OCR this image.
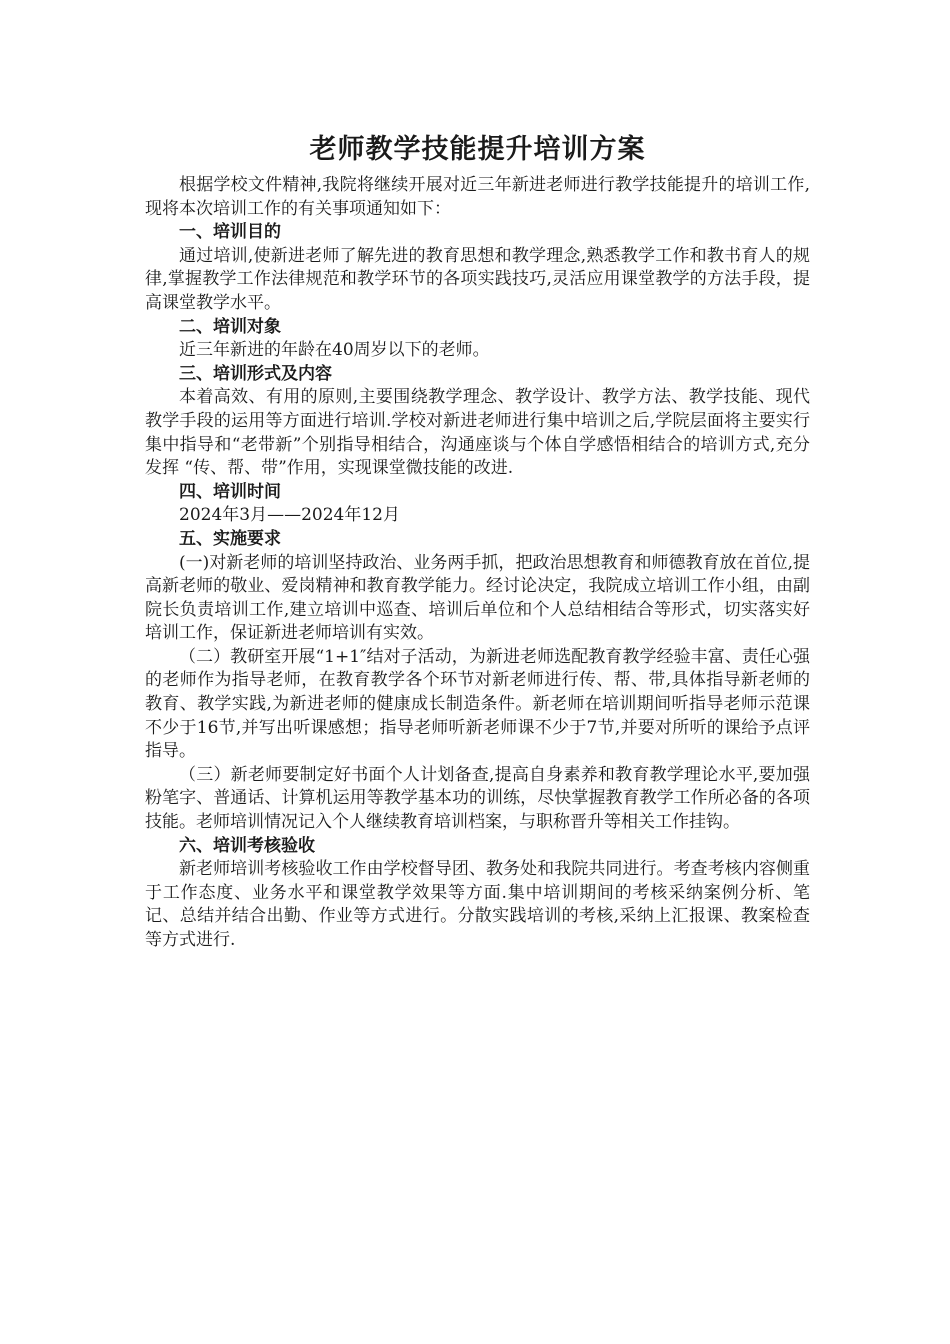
老师教学技能提升培训方案

根据学校文件精神,我院将继续开展对近三年新进老师进行教学技能提升的培训工作,现将本次培训工作的有关事项通知如下：

一、培训目的

通过培训,使新进老师了解先进的教育思想和教学理念,熟悉教学工作和教书育人的规律,掌握教学工作法律规范和教学环节的各项实践技巧,灵活应用课堂教学的方法手段，提高课堂教学水平。

二、培训对象

近三年新进的年龄在40周岁以下的老师。

三、培训形式及内容

本着高效、有用的原则,主要围绕教学理念、教学设计、教学方法、教学技能、现代教学手段的运用等方面进行培训.学校对新进老师进行集中培训之后,学院层面将主要实行集中指导和“老带新”个别指导相结合，沟通座谈与个体自学感悟相结合的培训方式,充分发挥 “传、帮、带”作用，实现课堂微技能的改进.

四、培训时间

2024年3月——2024年12月

五、实施要求

(一)对新老师的培训坚持政治、业务两手抓，把政治思想教育和师德教育放在首位,提高新老师的敬业、爱岗精神和教育教学能力。经讨论决定，我院成立培训工作小组，由副院长负责培训工作,建立培训中巡查、培训后单位和个人总结相结合等形式，切实落实好培训工作，保证新进老师培训有实效。

（二）教研室开展“1+1″结对子活动，为新进老师选配教育教学经验丰富、责任心强的老师作为指导老师，在教育教学各个环节对新老师进行传、帮、带,具体指导新老师的教育、教学实践,为新进老师的健康成长制造条件。新老师在培训期间听指导老师示范课不少于16节,并写出听课感想；指导老师听新老师课不少于7节,并要对所听的课给予点评指导。

（三）新老师要制定好书面个人计划备查,提高自身素养和教育教学理论水平,要加强粉笔字、普通话、计算机运用等教学基本功的训练，尽快掌握教育教学工作所必备的各项技能。老师培训情况记入个人继续教育培训档案，与职称晋升等相关工作挂钩。

六、培训考核验收

新老师培训考核验收工作由学校督导团、教务处和我院共同进行。考查考核内容侧重于工作态度、业务水平和课堂教学效果等方面.集中培训期间的考核采纳案例分析、笔记、总结并结合出勤、作业等方式进行。分散实践培训的考核,采纳上汇报课、教案检查等方式进行.
